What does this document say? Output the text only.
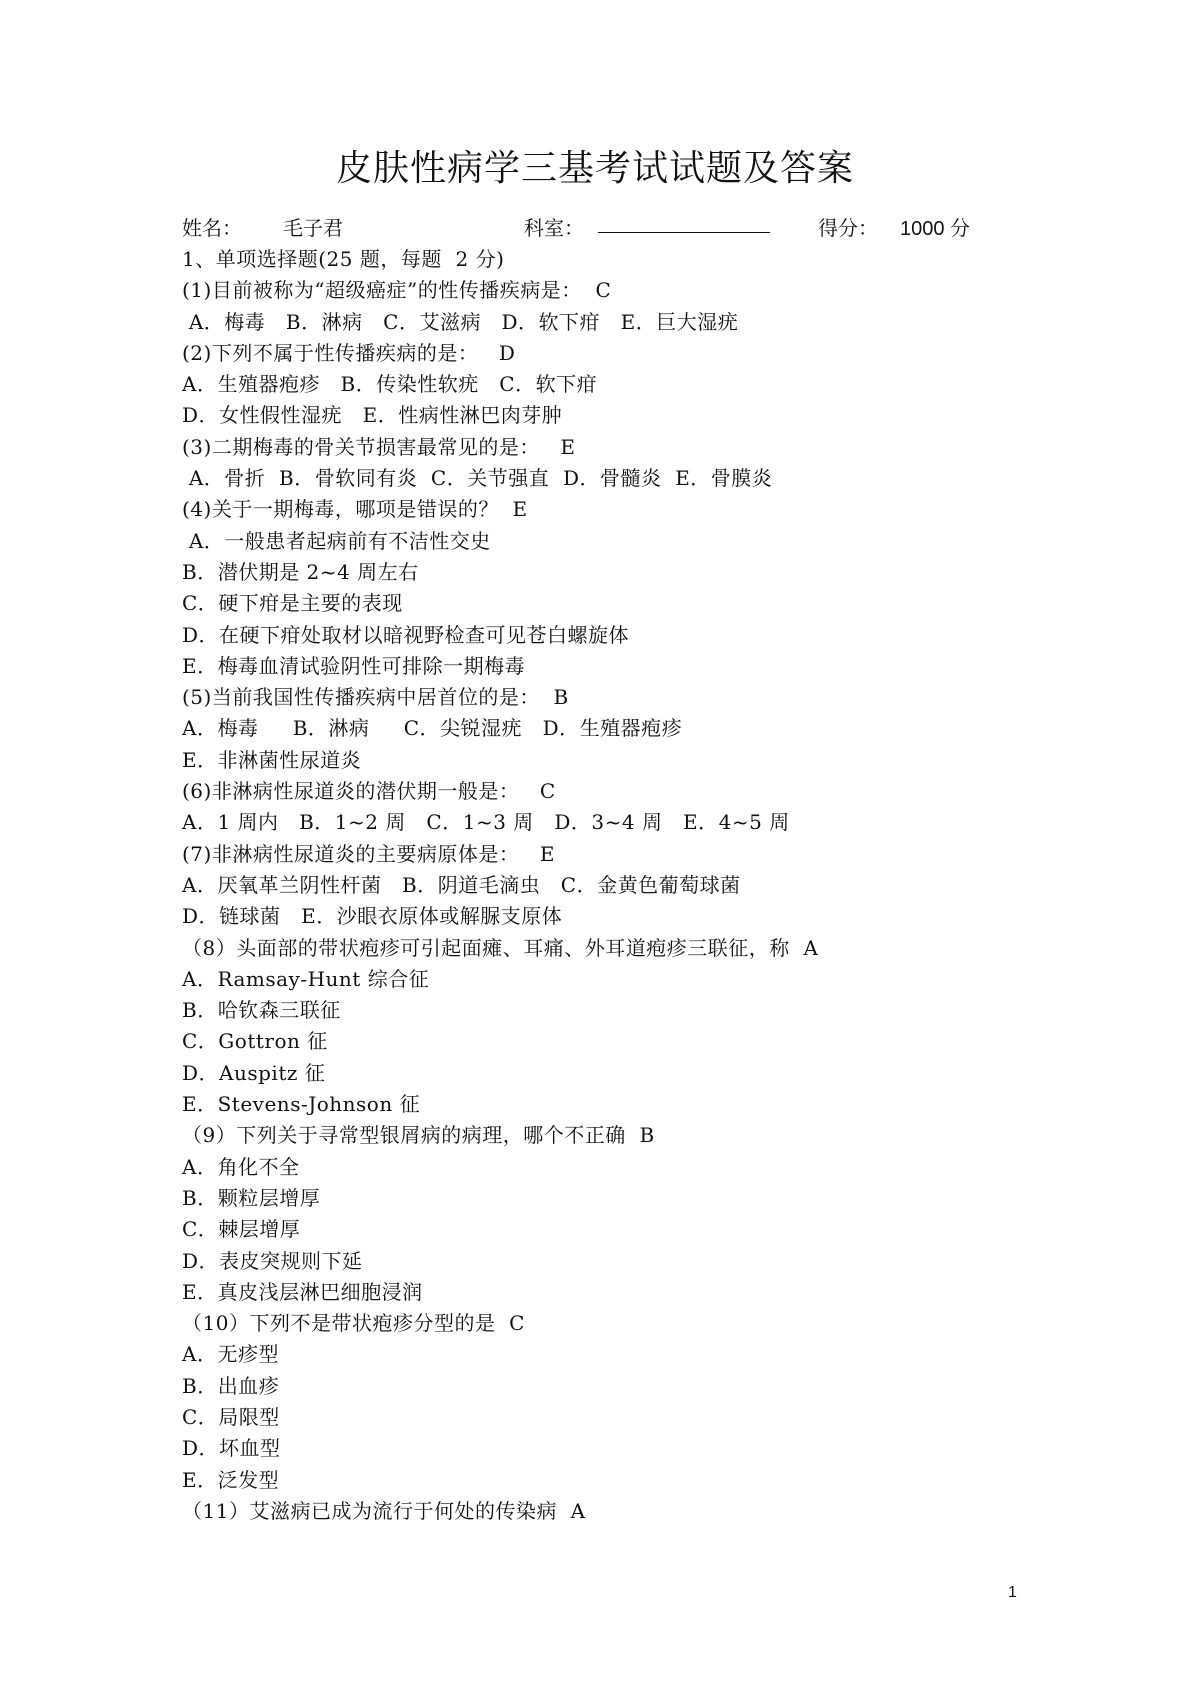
皮肤性病学三基考试试题及答案
姓名： 毛子君	科室：	得分： 1000 分
1、单项选择题(25 题，每题  2 分)
(1)目前被称为“超级癌症”的性传播疾病是：  C
A．梅毒   B．淋病   C．艾滋病   D．软下疳   E．巨大湿疣
(2)下列不属于性传播疾病的是：   D
A．生殖器疱疹   B．传染性软疣   C．软下疳
D．女性假性湿疣   E．性病性淋巴肉芽肿
(3)二期梅毒的骨关节损害最常见的是：   E
A．骨折  B．骨软同有炎  C．关节强直  D．骨髓炎  E．骨膜炎
(4)关于一期梅毒，哪项是错误的？  E
A．一般患者起病前有不洁性交史
B．潜伏期是 2~4 周左右
C．硬下疳是主要的表现
D．在硬下疳处取材以暗视野检查可见苍白螺旋体
E．梅毒血清试验阴性可排除一期梅毒
(5)当前我国性传播疾病中居首位的是：  B
A．梅毒     B．淋病     C．尖锐湿疣   D．生殖器疱疹
E．非淋菌性尿道炎
(6)非淋病性尿道炎的潜伏期一般是：   C
A．1 周内   B．1~2 周   C．1~3 周   D．3~4 周   E．4~5 周
(7)非淋病性尿道炎的主要病原体是：   E
A．厌氧革兰阴性杆菌   B．阴道毛滴虫   C．金黄色葡萄球菌
D．链球菌   E．沙眼衣原体或解脲支原体
（8）头面部的带状疱疹可引起面瘫、耳痛、外耳道疱疹三联征，称  A
A．Ramsay-Hunt 综合征
B．哈钦森三联征
C．Gottron 征
D．Auspitz 征
E．Stevens-Johnson 征
（9）下列关于寻常型银屑病的病理，哪个不正确  B
A．角化不全
B．颗粒层增厚
C．棘层增厚
D．表皮突规则下延
E．真皮浅层淋巴细胞浸润
（10）下列不是带状疱疹分型的是  C
A．无疹型
B．出血疹
C．局限型
D．坏血型
E．泛发型
（11）艾滋病已成为流行于何处的传染病  A
1
